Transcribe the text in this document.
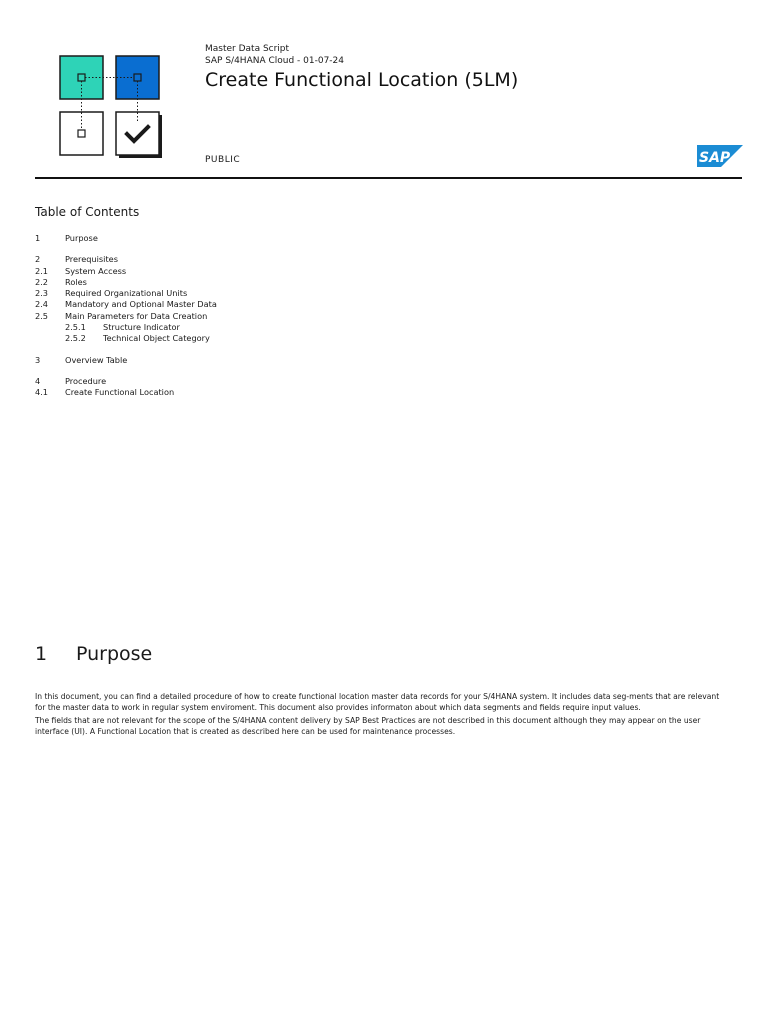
Master Data Script
SAP S/4HANA Cloud - 01-07-24
Create Functional Location (5LM)
PUBLIC	SAP
Table of Contents
1	Purpose
2	Prerequisites
2.1 System Access
2.2 Roles
2.3 Required Organizational Units
2.4 Mandatory and Optional Master Data
2.5 Main Parameters for Data Creation
2.5.1 Structure Indicator
2.5.2 Technical Object Category
3	Overview Table
4	Procedure
4.1 Create Functional Location
1 Purpose

In this document, you can find a detailed procedure of how to create functional location master data records for your S/4HANA system. It includes data seg-ments that are relevant for the master data to work in regular system enviroment. This document also provides informaton about which data segments and fields require input values.

The fields that are not relevant for the scope of the S/4HANA content delivery by SAP Best Practices are not described in this document although they may appear on the user interface (UI). A Functional Location that is created as described here can be used for maintenance processes.
